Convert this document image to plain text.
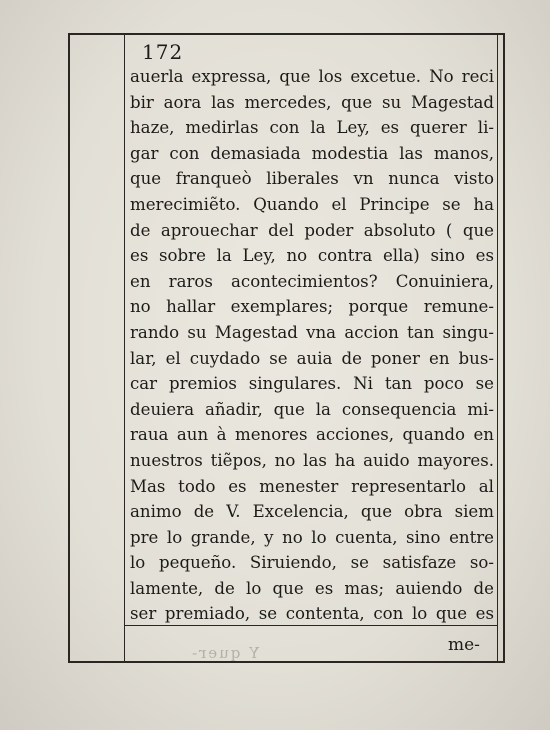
172
auerla expressa, que los excetue. No reci
bir aora las mercedes, que su Magestad
haze, medirlas con la Ley, es querer li-
gar con demasiada modestia las manos,
que franqueò liberales vn nunca visto
merecimiẽto. Quando el Principe se ha
de aprouechar del poder absoluto ( que
es sobre la Ley, no contra ella) sino es
en raros acontecimientos? Conuiniera,
no hallar exemplares; porque remune-
rando su Magestad vna accion tan singu-
lar, el cuydado se auia de poner en bus-
car premios singulares. Ni tan poco se
deuiera añadir, que la consequencia mi-
raua aun à menores acciones, quando en
nuestros tiẽpos, no las ha auido mayores.
Mas todo es menester representarlo al
animo de V. Excelencia, que obra siem
pre lo grande, y no lo cuenta, sino entre
lo pequeño. Siruiendo, se satisfaze so-
lamente, de lo que es mas; auiendo de
ser premiado, se contenta, con lo que es
Y quer-	me-
